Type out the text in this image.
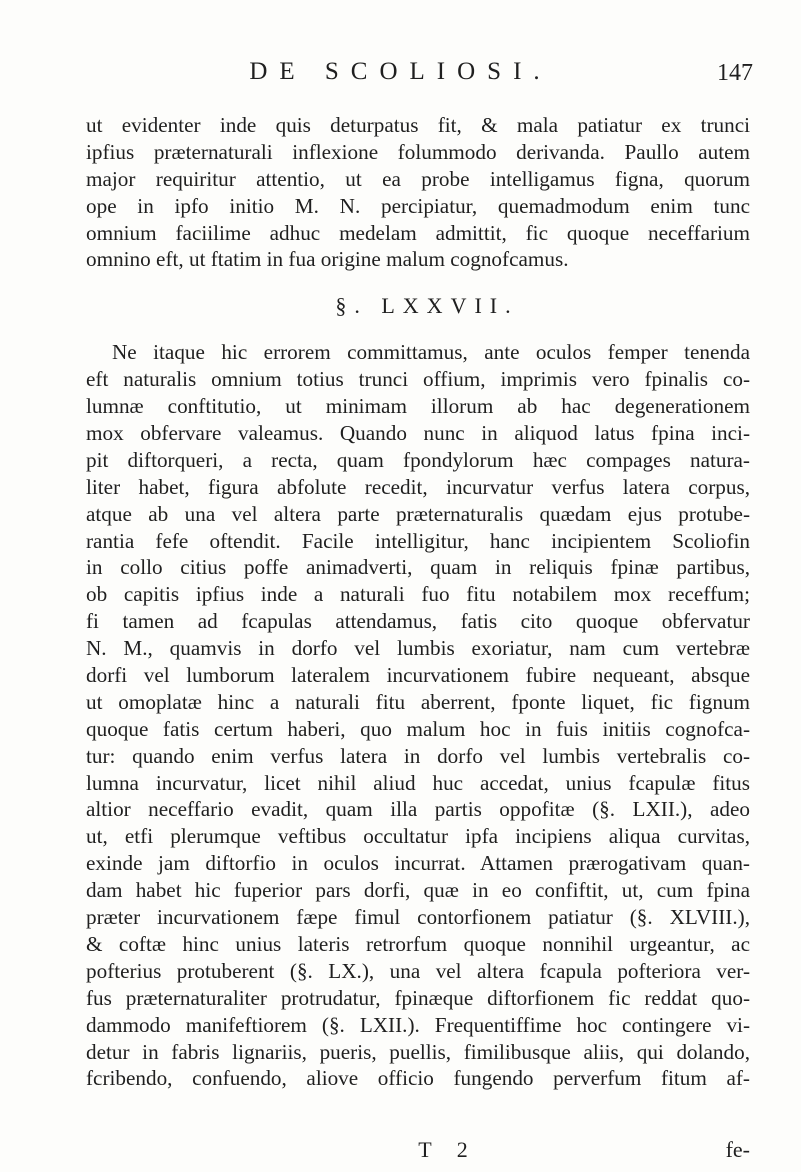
DE SCOLIOSI.	147
ut evidenter inde quis deturpatus fit, & mala patiatur ex trunci
ipfius præternaturali inflexione folummodo derivanda. Paullo autem
major requiritur attentio, ut ea probe intelligamus figna, quorum
ope in ipfo initio M. N. percipiatur, quemadmodum enim tunc
omnium faciilime adhuc medelam admittit, fic quoque neceffarium
omnino eft, ut ftatim in fua origine malum cognofcamus.
§. LXXVII.
Ne itaque hic errorem committamus, ante oculos femper tenenda
eft naturalis omnium totius trunci offium, imprimis vero fpinalis co-
lumnæ conftitutio, ut minimam illorum ab hac degenerationem
mox obfervare valeamus. Quando nunc in aliquod latus fpina inci-
pit diftorqueri, a recta, quam fpondylorum hæc compages natura-
liter habet, figura abfolute recedit, incurvatur verfus latera corpus,
atque ab una vel altera parte præternaturalis quædam ejus protube-
rantia fefe oftendit. Facile intelligitur, hanc incipientem Scoliofin
in collo citius poffe animadverti, quam in reliquis fpinæ partibus,
ob capitis ipfius inde a naturali fuo fitu notabilem mox receffum;
fi tamen ad fcapulas attendamus, fatis cito quoque obfervatur
N. M., quamvis in dorfo vel lumbis exoriatur, nam cum vertebræ
dorfi vel lumborum lateralem incurvationem fubire nequeant, absque
ut omoplatæ hinc a naturali fitu aberrent, fponte liquet, fic fignum
quoque fatis certum haberi, quo malum hoc in fuis initiis cognofca-
tur: quando enim verfus latera in dorfo vel lumbis vertebralis co-
lumna incurvatur, licet nihil aliud huc accedat, unius fcapulæ fitus
altior neceffario evadit, quam illa partis oppofitæ (§. LXII.), adeo
ut, etfi plerumque veftibus occultatur ipfa incipiens aliqua curvitas,
exinde jam diftorfio in oculos incurrat. Attamen prærogativam quan-
dam habet hic fuperior pars dorfi, quæ in eo confiftit, ut, cum fpina
præter incurvationem fæpe fimul contorfionem patiatur (§. XLVIII.),
& coftæ hinc unius lateris retrorfum quoque nonnihil urgeantur, ac
pofterius protuberent (§. LX.), una vel altera fcapula pofteriora ver-
fus præternaturaliter protrudatur, fpinæque diftorfionem fic reddat quo-
dammodo manifeftiorem (§. LXII.). Frequentiffime hoc contingere vi-
detur in fabris lignariis, pueris, puellis, fimilibusque aliis, qui dolando,
fcribendo, confuendo, aliove officio fungendo perverfum fitum af-
T 2	fe-
